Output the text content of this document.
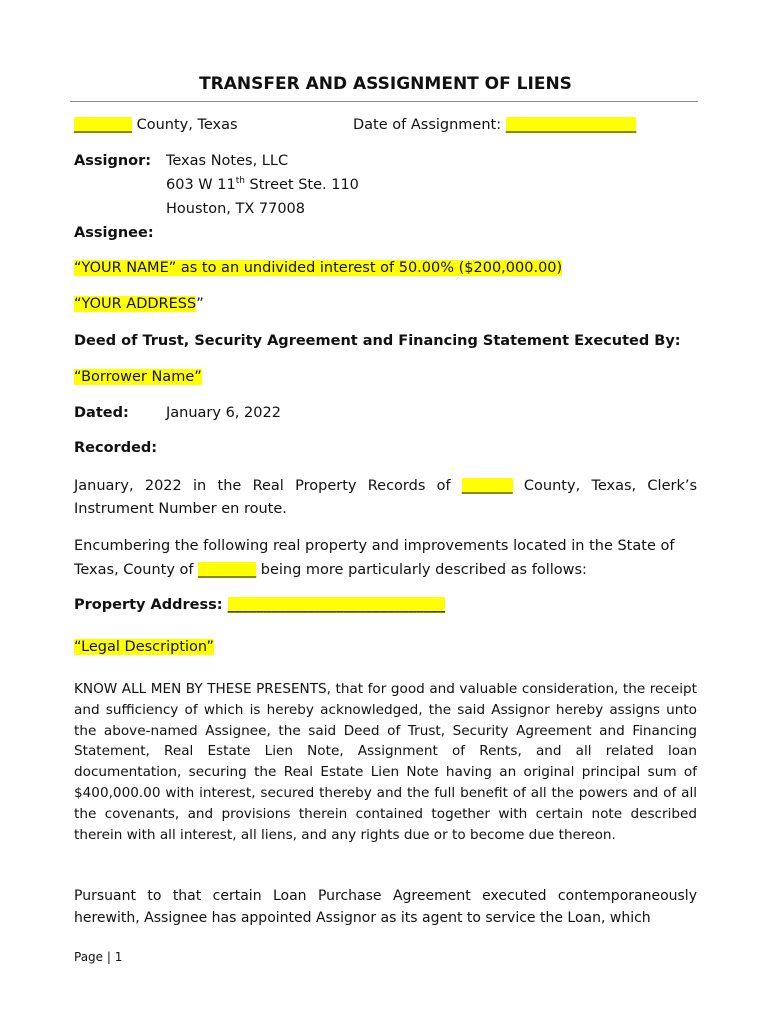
TRANSFER AND ASSIGNMENT OF LIENS
________ County, Texas	Date of Assignment: __________________
Assignor: Texas Notes, LLC
603 W 11th Street Ste. 110
Houston, TX 77008
Assignee:
“YOUR NAME” as to an undivided interest of 50.00% ($200,000.00)
“YOUR ADDRESS”
Deed of Trust, Security Agreement and Financing Statement Executed By:
“Borrower Name”
Dated:	January 6, 2022
Recorded:
January, 2022 in the Real Property Records of _______ County, Texas, Clerk’s
Instrument Number en route.
Encumbering the following real property and improvements located in the State of
Texas, County of ________ being more particularly described as follows:
Property Address: ______________________________
“Legal Description”
KNOW ALL MEN BY THESE PRESENTS, that for good and valuable consideration, the receipt and sufficiency of which is hereby acknowledged, the said Assignor hereby assigns unto the above-named Assignee, the said Deed of Trust, Security Agreement and Financing Statement, Real Estate Lien Note, Assignment of Rents, and all related loan documentation, securing the Real Estate Lien Note having an original principal sum of $400,000.00 with interest, secured thereby and the full benefit of all the powers and of all the covenants, and provisions therein contained together with certain note described therein with all interest, all liens, and any rights due or to become due thereon.
Pursuant to that certain Loan Purchase Agreement executed contemporaneously herewith, Assignee has appointed Assignor as its agent to service the Loan, which
Page | 1
